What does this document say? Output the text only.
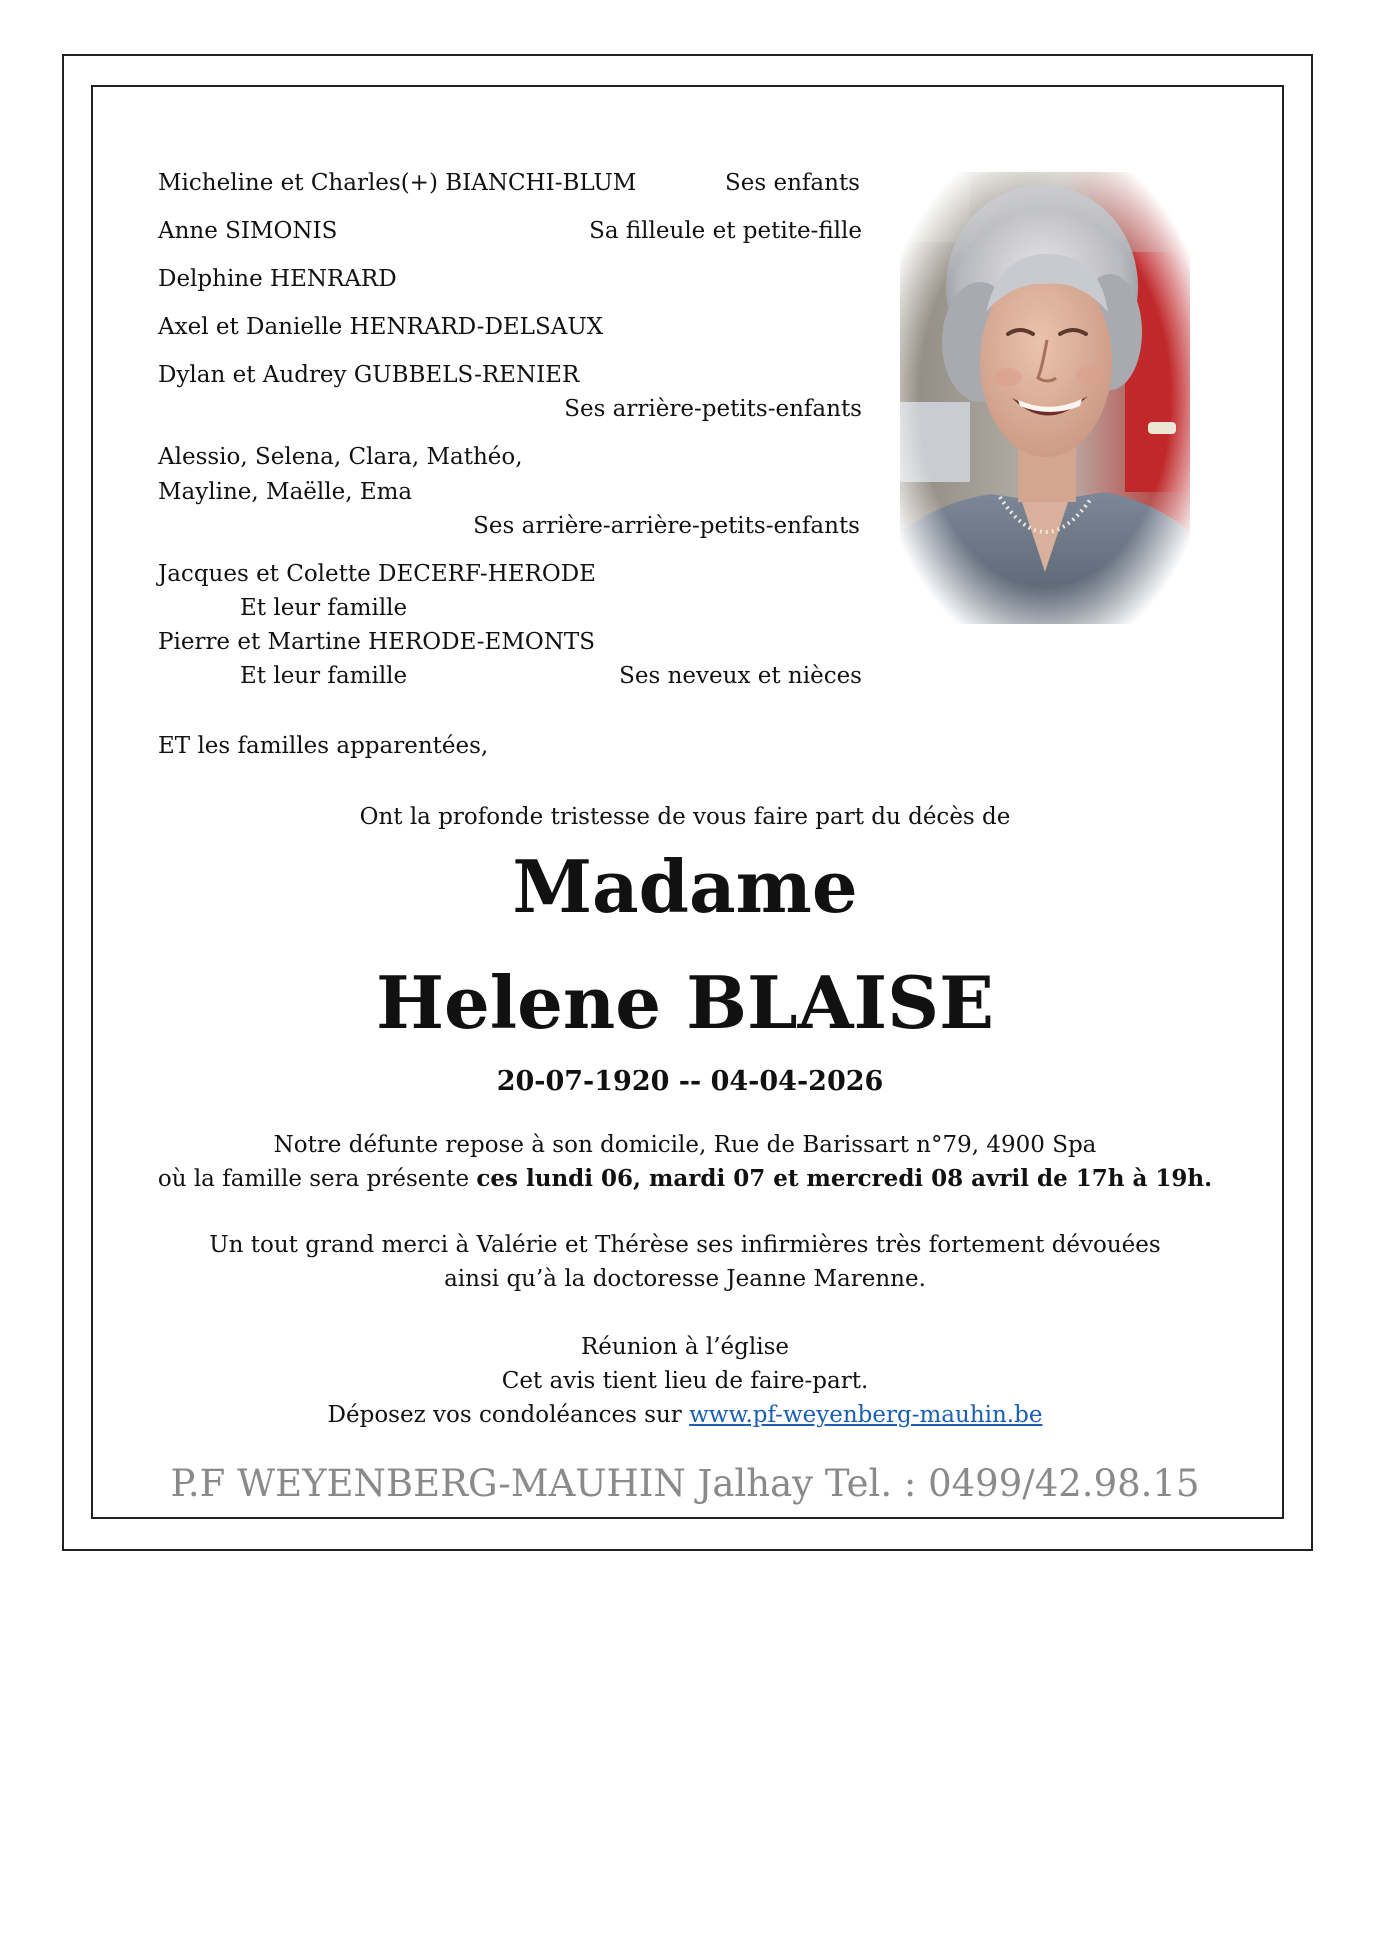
Micheline et Charles(+) BIANCHI-BLUM	Ses enfants
Anne SIMONIS	Sa filleule et petite-fille
Delphine HENRARD
Axel et Danielle HENRARD-DELSAUX
Dylan et Audrey GUBBELS-RENIER
Ses arrière-petits-enfants
Alessio, Selena, Clara, Mathéo,
Mayline, Maëlle, Ema
Ses arrière-arrière-petits-enfants
Jacques et Colette DECERF-HERODE
Et leur famille
Pierre et Martine HERODE-EMONTS
Et leur famille	Ses neveux et nièces
ET les familles apparentées,
Ont la profonde tristesse de vous faire part du décès de
Madame
Helene BLAISE
20-07-1920 -- 04-04-2026
Notre défunte repose à son domicile, Rue de Barissart n°79, 4900 Spa
où la famille sera présente ces lundi 06, mardi 07 et mercredi 08 avril de 17h à 19h.
Un tout grand merci à Valérie et Thérèse ses infirmières très fortement dévouées
ainsi qu’à la doctoresse Jeanne Marenne.
Réunion à l’église
Cet avis tient lieu de faire-part.
Déposez vos condoléances sur www.pf-weyenberg-mauhin.be
P.F WEYENBERG-MAUHIN Jalhay Tel. : 0499/42.98.15
